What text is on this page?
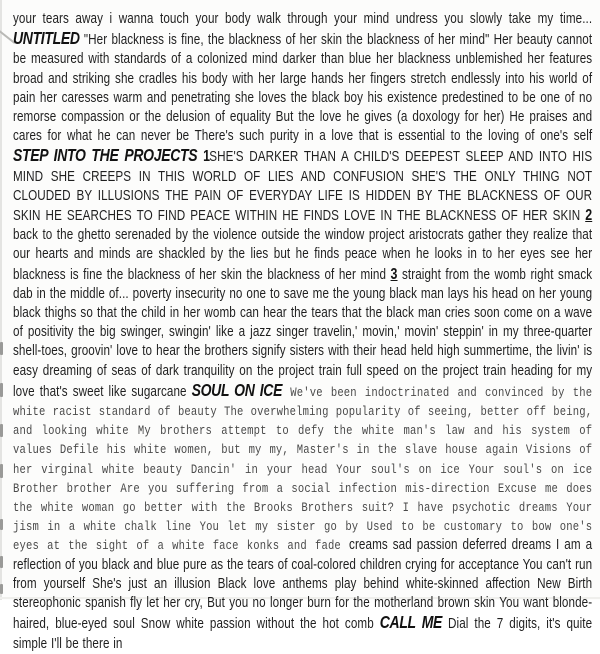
your tears away i wanna touch your body walk through your mind undress you slowly take my time... UNTITLED "Her blackness is fine, the blackness of her skin the blackness of her mind" Her beauty cannot be measured with standards of a colonized mind darker than blue her blackness unblemished her features broad and striking she cradles his body with her large hands her fingers stretch endlessly into his world of pain her caresses warm and penetrating she loves the black boy his existence predestined to be one of no remorse compassion or the delusion of equality But the love he gives (a doxology for her) He praises and cares for what he can never be There's such purity in a love that is essential to the loving of one's self STEP INTO THE PROJECTS 1SHE'S DARKER THAN A CHILD'S DEEPEST SLEEP AND INTO HIS MIND SHE CREEPS IN THIS WORLD OF LIES AND CONFUSION SHE'S THE ONLY THING NOT CLOUDED BY ILLUSIONS THE PAIN OF EVERYDAY LIFE IS HIDDEN BY THE BLACKNESS OF OUR SKIN HE SEARCHES TO FIND PEACE WITHIN HE FINDS LOVE IN THE BLACKNESS OF HER SKIN 2 back to the ghetto serenaded by the violence outside the window project aristocrats gather they realize that our hearts and minds are shackled by the lies but he finds peace when he looks in to her eyes see her blackness is fine the blackness of her skin the blackness of her mind 3 straight from the womb right smack dab in the middle of... poverty insecurity no one to save me the young black man lays his head on her young black thighs so that the child in her womb can hear the tears that the black man cries soon come on a wave of positivity the big swinger, swingin' like a jazz singer travelin,' movin,' movin' steppin' in my three-quarter shell-toes, groovin' love to hear the brothers signify sisters with their head held high summertime, the livin' is easy dreaming of seas of dark tranquility on the project train full speed on the project train heading for my love that's sweet like sugarcane SOUL ON ICE We've been indoctrinated and convinced by the white racist standard of beauty The overwhelming popularity of seeing, better off being, and looking white My brothers attempt to defy the white man's law and his system of values Defile his white women, but my my, Master's in the slave house again Visions of her virginal white beauty Dancin' in your head Your soul's on ice Your soul's on ice Brother brother Are you suffering from a social infection mis-direction Excuse me does the white woman go better with the Brooks Brothers suit? I have psychotic dreams Your jism in a white chalk line You let my sister go by Used to be customary to bow one's eyes at the sight of a white face konks and fade creams sad passion deferred dreams I am a reflection of you black and blue pure as the tears of coal-colored children crying for acceptance You can't run from yourself She's just an illusion Black love anthems play behind white-skinned affection New Birth stereophonic spanish fly let her cry, But you no longer burn for the motherland brown skin You want blonde-haired, blue-eyed soul Snow white passion without the hot comb CALL ME Dial the 7 digits, it's quite simple I'll be there in
